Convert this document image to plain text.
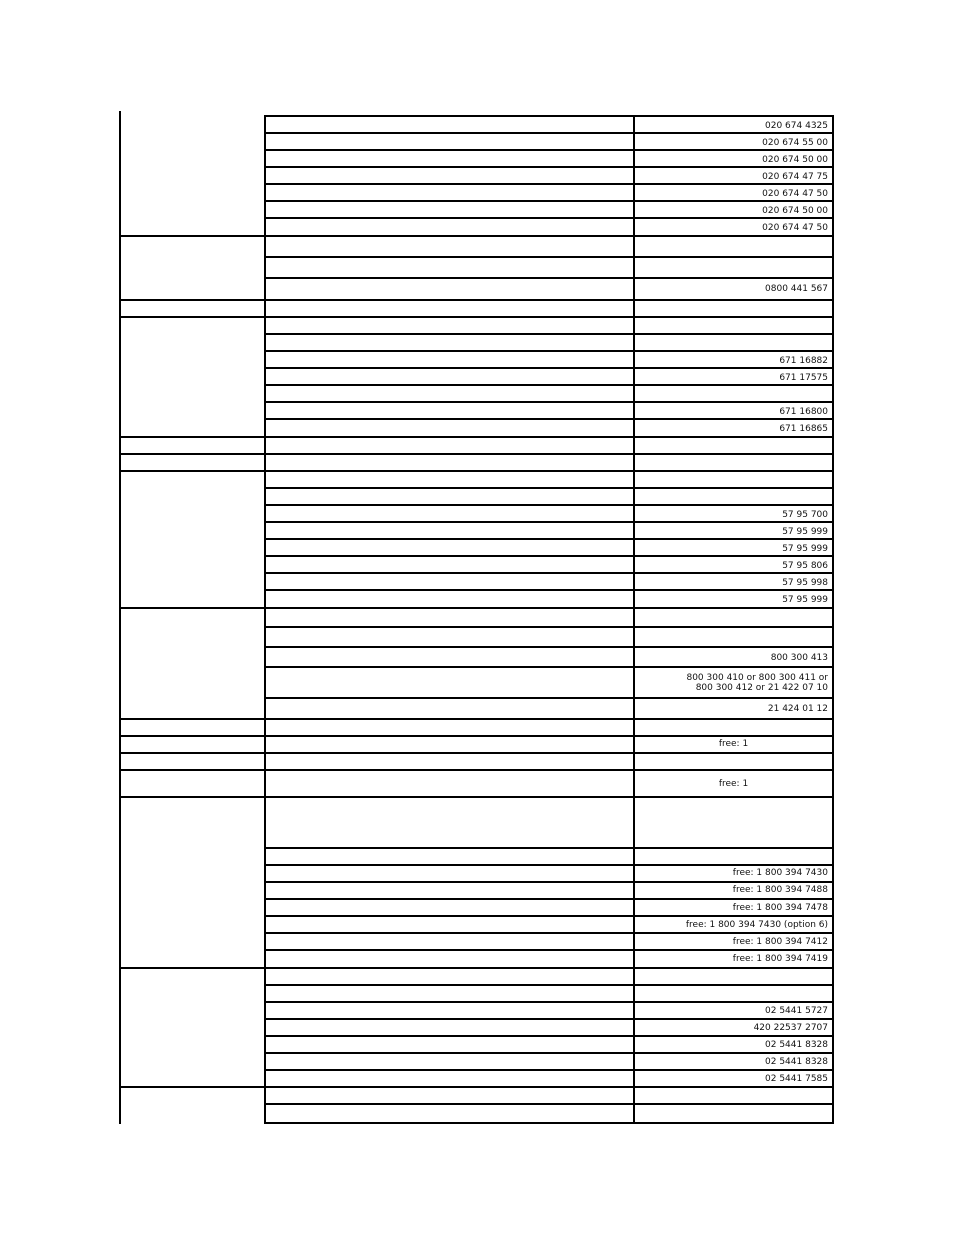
020 674 4325
020 674 55 00
020 674 50 00
020 674 47 75
020 674 47 50
020 674 50 00
020 674 47 50
0800 441 567
671 16882
671 17575
671 16800
671 16865
57 95 700
57 95 999
57 95 999
57 95 806
57 95 998
57 95 999
800 300 413
800 300 410 or 800 300 411 or
800 300 412 or 21 422 07 10
21 424 01 12
free: 1
free: 1
free: 1 800 394 7430
free: 1 800 394 7488
free: 1 800 394 7478
free: 1 800 394 7430 (option 6)
free: 1 800 394 7412
free: 1 800 394 7419
02 5441 5727
420 22537 2707
02 5441 8328
02 5441 8328
02 5441 7585
